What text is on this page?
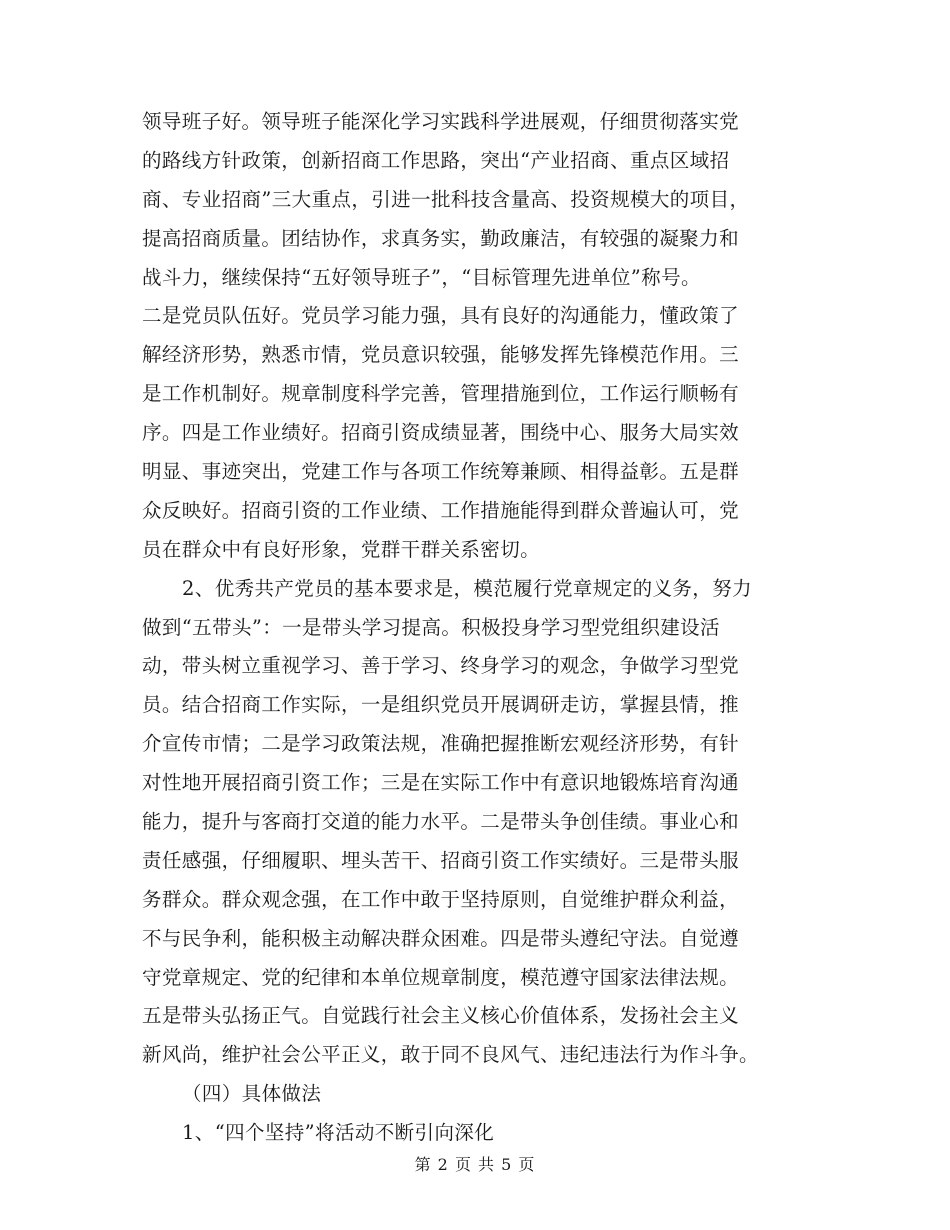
领导班子好。领导班子能深化学习实践科学进展观，仔细贯彻落实党
的路线方针政策，创新招商工作思路，突出“产业招商、重点区域招
商、专业招商”三大重点，引进一批科技含量高、投资规模大的项目，
提高招商质量。团结协作，求真务实，勤政廉洁，有较强的凝聚力和
战斗力，继续保持“五好领导班子”，“目标管理先进单位”称号。
二是党员队伍好。党员学习能力强，具有良好的沟通能力，懂政策了
解经济形势，熟悉市情，党员意识较强，能够发挥先锋模范作用。三
是工作机制好。规章制度科学完善，管理措施到位，工作运行顺畅有
序。四是工作业绩好。招商引资成绩显著，围绕中心、服务大局实效
明显、事迹突出，党建工作与各项工作统筹兼顾、相得益彰。五是群
众反映好。招商引资的工作业绩、工作措施能得到群众普遍认可，党
员在群众中有良好形象，党群干群关系密切。
2、优秀共产党员的基本要求是，模范履行党章规定的义务，努力
做到“五带头”：一是带头学习提高。积极投身学习型党组织建设活
动，带头树立重视学习、善于学习、终身学习的观念，争做学习型党
员。结合招商工作实际，一是组织党员开展调研走访，掌握县情，推
介宣传市情；二是学习政策法规，准确把握推断宏观经济形势，有针
对性地开展招商引资工作；三是在实际工作中有意识地锻炼培育沟通
能力，提升与客商打交道的能力水平。二是带头争创佳绩。事业心和
责任感强，仔细履职、埋头苦干、招商引资工作实绩好。三是带头服
务群众。群众观念强，在工作中敢于坚持原则，自觉维护群众利益，
不与民争利，能积极主动解决群众困难。四是带头遵纪守法。自觉遵
守党章规定、党的纪律和本单位规章制度，模范遵守国家法律法规。
五是带头弘扬正气。自觉践行社会主义核心价值体系，发扬社会主义
新风尚，维护社会公平正义，敢于同不良风气、违纪违法行为作斗争。
（四）具体做法
1、“四个坚持”将活动不断引向深化
第 2 页 共 5 页
